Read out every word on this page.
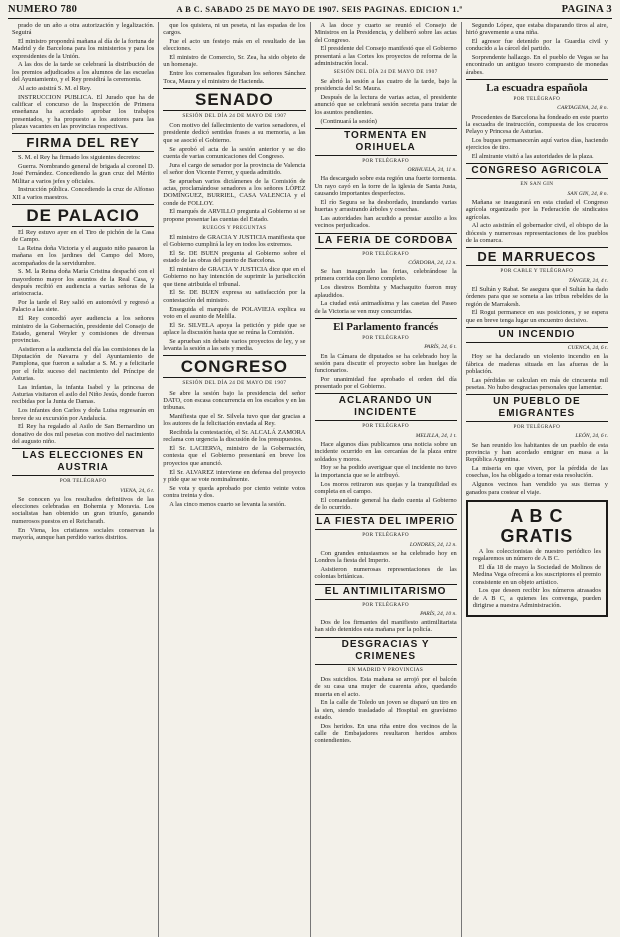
NUMERO 780	A B C. SABADO 25 DE MAYO DE 1907. SEIS PAGINAS. EDICION 1.ª	PAGINA 3

prado de un año a otra autorización y legalización. Seguirá

El ministro propondrá mañana al día de la fortuna de Madrid y de Barcelona para los ministerios y para los expresidentes de la Unión.

A las dos de la tarde se celebrará la distribución de los premios adjudicados a los alumnos de las escuelas del Ayuntamiento, y el Rey presidirá la ceremonia.

Al acto asistirá S. M. el Rey.

INSTRUCCION PUBLICA. El Jurado que ha de calificar el concurso de la Inspección de Primera enseñanza ha acordado aprobar los trabajos presentados, y ha propuesto a los autores para las plazas vacantes en las provincias respectivas.

FIRMA DEL REY

S. M. el Rey ha firmado los siguientes decretos:

Guerra. Nombrando general de brigada al coronel D. José Fernández. Concediendo la gran cruz del Mérito Militar a varios jefes y oficiales.

Instrucción pública. Concediendo la cruz de Alfonso XII a varios maestros.

DE PALACIO

El Rey estuvo ayer en el Tiro de pichón de la Casa de Campo.

La Reina doña Victoria y el augusto niño pasaron la mañana en los jardines del Campo del Moro, acompañados de la servidumbre.

S. M. la Reina doña María Cristina despachó con el mayordomo mayor los asuntos de la Real Casa, y después recibió en audiencia a varias señoras de la aristocracia.

Por la tarde el Rey salió en automóvil y regresó a Palacio a las siete.

El Rey concedió ayer audiencia a los señores ministro de la Gobernación, presidente del Consejo de Estado, general Weyler y comisiones de diversas provincias.

Asistieron a la audiencia del día las comisiones de la Diputación de Navarra y del Ayuntamiento de Pamplona, que fueron a saludar a S. M. y a felicitarle por el feliz suceso del nacimiento del Príncipe de Asturias.

Las infantas, la infanta Isabel y la princesa de Asturias visitaron el asilo del Niño Jesús, donde fueron recibidas por la Junta de Damas.

Los infantes don Carlos y doña Luisa regresarán en breve de su excursión por Andalucía.

El Rey ha regalado al Asilo de San Bernardino un donativo de dos mil pesetas con motivo del nacimiento del augusto niño.

LAS ELECCIONES EN AUSTRIA
POR TELÉGRAFO
VIENA, 24, 6 t.

Se conocen ya los resultados definitivos de las elecciones celebradas en Bohemia y Moravia. Los socialistas han obtenido un gran triunfo, ganando numerosos puestos en el Reichsrath.

En Viena, los cristianos sociales conservan la mayoría, aunque han perdido varios distritos.

que los quisiera, ni un peseta, ni las espadas de los cargos.

Fue el acto un festejo más en el resultado de las elecciones.

El ministro de Comercio, Sr. Zea, ha sido objeto de un homenaje.

Entre los comensales figuraban los señores Sánchez Toca, Maura y el ministro de Hacienda.

SENADO
SESIÓN DEL DÍA 24 DE MAYO DE 1907

Con motivo del fallecimiento de varios senadores, el presidente dedicó sentidas frases a su memoria, a las que se asoció el Gobierno.

Se aprobó el acta de la sesión anterior y se dio cuenta de varias comunicaciones del Congreso.

Jura el cargo de senador por la provincia de Valencia el señor don Vicente Ferrer, y queda admitido.

Se aprueban varios dictámenes de la Comisión de actas, proclamándose senadores a los señores LÓPEZ DOMÍNGUEZ, BURRIEL, CASA VALENCIA y el conde de FOLLOY.

El marqués de ARVILLO pregunta al Gobierno si se propone presentar las cuentas del Estado.

RUEGOS Y PREGUNTAS

El ministro de GRACIA Y JUSTICIA manifiesta que el Gobierno cumplirá la ley en todos los extremos.

El Sr. DE BUEN pregunta al Gobierno sobre el estado de las obras del puerto de Barcelona.

El ministro de GRACIA Y JUSTICIA dice que en el Gobierno no hay intención de suprimir la jurisdicción que tiene atribuida el tribunal.

El Sr. DE BUEN expresa su satisfacción por la contestación del ministro.

Enseguida el marqués de POLAVIEJA explica su voto en el asunto de Melilla.

El Sr. SILVELA apoya la petición y pide que se aplace la discusión hasta que se reúna la Comisión.

Se aprueban sin debate varios proyectos de ley, y se levanta la sesión a las seis y media.

CONGRESO
SESIÓN DEL DÍA 24 DE MAYO DE 1907

Se abre la sesión bajo la presidencia del señor DATO, con escasa concurrencia en los escaños y en las tribunas.

Manifiesta que el Sr. Silvela tuvo que dar gracias a los autores de la felicitación enviada al Rey.

Recibida la contestación, el Sr. ALCALÁ ZAMORA reclama con urgencia la discusión de los presupuestos.

El Sr. LACIERVA, ministro de la Gobernación, contesta que el Gobierno presentará en breve los proyectos que anunció.

El Sr. ALVAREZ interviene en defensa del proyecto y pide que se vote nominalmente.

Se vota y queda aprobado por ciento veinte votos contra treinta y dos.

A las cinco menos cuarto se levanta la sesión.

A las doce y cuarto se reunió el Consejo de Ministros en la Presidencia, y deliberó sobre las actas del Congreso.

El presidente del Consejo manifestó que el Gobierno presentará a las Cortes los proyectos de reforma de la administración local.

SESIÓN DEL DÍA 24 DE MAYO DE 1907

Se abrió la sesión a las cuatro de la tarde, bajo la presidencia del Sr. Maura.

Después de la lectura de varias actas, el presidente anunció que se celebrará sesión secreta para tratar de los asuntos pendientes.

(Continuará la sesión)

TORMENTA EN ORIHUELA
POR TELÉGRAFO
ORIHUELA, 24, 11 n.

Ha descargado sobre esta región una fuerte tormenta. Un rayo cayó en la torre de la iglesia de Santa Justa, causando importantes desperfectos.

El río Segura se ha desbordado, inundando varias huertas y arrastrando árboles y cosechas.

Las autoridades han acudido a prestar auxilio a los vecinos perjudicados.

LA FERIA DE CORDOBA
POR TELÉGRAFO
CÓRDOBA, 24, 12 n.

Se han inaugurado las ferias, celebrándose la primera corrida con lleno completo.

Los diestros Bombita y Machaquito fueron muy aplaudidos.

La ciudad está animadísima y las casetas del Paseo de la Victoria se ven muy concurridas.

El Parlamento francés
POR TELÉGRAFO
PARÍS, 24, 6 t.

En la Cámara de diputados se ha celebrado hoy la sesión para discutir el proyecto sobre las huelgas de funcionarios.

Por unanimidad fue aprobado el orden del día presentado por el Gobierno.

ACLARANDO UN INCIDENTE
POR TELÉGRAFO
MELILLA, 24, 1 t.

Hace algunos días publicamos una noticia sobre un incidente ocurrido en las cercanías de la plaza entre soldados y moros.

Hoy se ha podido averiguar que el incidente no tuvo la importancia que se le atribuyó.

Los moros retiraron sus quejas y la tranquilidad es completa en el campo.

El comandante general ha dado cuenta al Gobierno de lo ocurrido.

LA FIESTA DEL IMPERIO
POR TELÉGRAFO
LONDRES, 24, 12 n.

Con grandes entusiasmos se ha celebrado hoy en Londres la fiesta del Imperio.

Asistieron numerosas representaciones de las colonias británicas.

EL ANTIMILITARISMO
POR TELÉGRAFO
PARÍS, 24, 10 n.

Dos de los firmantes del manifiesto antimilitarista han sido detenidos esta mañana por la policía.

DESGRACIAS Y CRIMENES
EN MADRID Y PROVINCIAS

Dos suicidios. Esta mañana se arrojó por el balcón de su casa una mujer de cuarenta años, quedando muerta en el acto.

En la calle de Toledo un joven se disparó un tiro en la sien, siendo trasladado al Hospital en gravísimo estado.

Dos heridos. En una riña entre dos vecinos de la calle de Embajadores resultaron heridos ambos contendientes.

Segundo López, que estaba disparando tiros al aire, hirió gravemente a una niña.

El agresor fue detenido por la Guardia civil y conducido a la cárcel del partido.

Sorprendente hallazgo. En el pueblo de Vegas se ha encontrado un antiguo tesoro compuesto de monedas árabes.

La escuadra española
POR TELÉGRAFO
CARTAGENA, 24, 8 n.

Procedentes de Barcelona ha fondeado en este puerto la escuadra de instrucción, compuesta de los cruceros Pelayo y Princesa de Asturias.

Los buques permanecerán aquí varios días, haciendo ejercicios de tiro.

El almirante visitó a las autoridades de la plaza.

CONGRESO AGRICOLA
EN SAN GIN
SAN GIN, 24, 8 n.

Mañana se inaugurará en esta ciudad el Congreso agrícola organizado por la Federación de sindicatos agrícolas.

Al acto asistirán el gobernador civil, el obispo de la diócesis y numerosas representaciones de los pueblos de la comarca.

DE MARRUECOS
POR CABLE Y TELÉGRAFO
TÁNGER, 24, 4 t.

El Sultán y Rabat. Se asegura que el Sultán ha dado órdenes para que se someta a las tribus rebeldes de la región de Marrakesh.

El Rogui permanece en sus posiciones, y se espera que en breve tenga lugar un encuentro decisivo.

UN INCENDIO
CUENCA, 24, 6 t.

Hoy se ha declarado un violento incendio en la fábrica de maderas situada en las afueras de la población.

Las pérdidas se calculan en más de cincuenta mil pesetas. No hubo desgracias personales que lamentar.

UN PUEBLO DE EMIGRANTES
POR TELÉGRAFO
LEÓN, 24, 6 t.

Se han reunido los habitantes de un pueblo de esta provincia y han acordado emigrar en masa a la República Argentina.

La miseria en que viven, por la pérdida de las cosechas, los ha obligado a tomar esta resolución.

Algunos vecinos han vendido ya sus tierras y ganados para costear el viaje.

A B C GRATIS

A los coleccionistas de nuestro periódico les regalaremos un número de A B C.

El día 18 de mayo la Sociedad de Molinos de Medina Vega ofrecerá a los suscriptores el premio consistente en un objeto artístico.

Los que deseen recibir los números atrasados de A B C, a quienes les convenga, pueden dirigirse a nuestra Administración.
